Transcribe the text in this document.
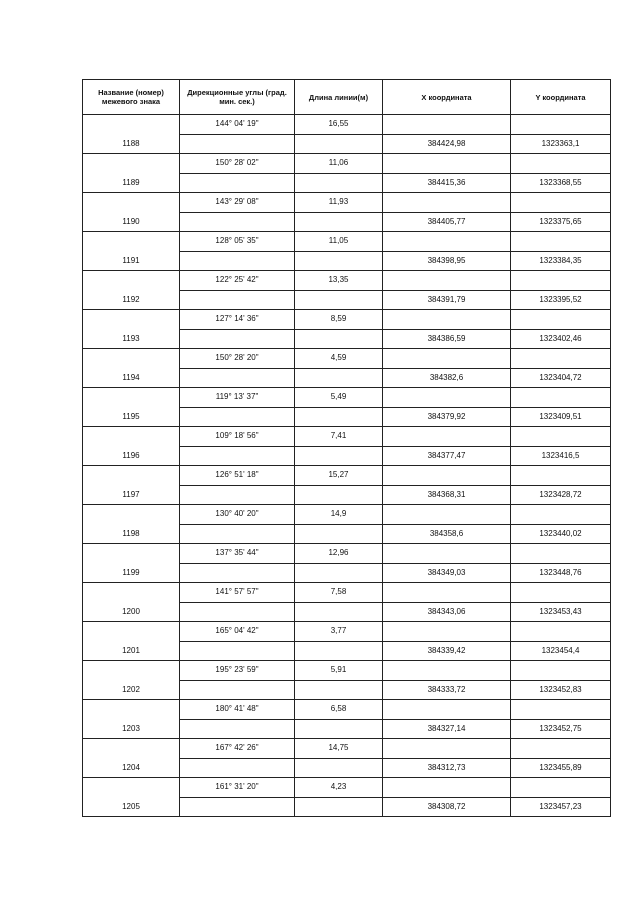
Название (номер) межевого знака	Дирекционные углы (град. мин. сек.)	Длина линии(м)	Х координата	Y координата
	144° 04' 19"	16,55		
1188			384424,98	1323363,1
	150° 28' 02"	11,06		
1189			384415,36	1323368,55
	143° 29' 08"	11,93		
1190			384405,77	1323375,65
	128° 05' 35"	11,05		
1191			384398,95	1323384,35
	122° 25' 42"	13,35		
1192			384391,79	1323395,52
	127° 14' 36"	8,59		
1193			384386,59	1323402,46
	150° 28' 20"	4,59		
1194			384382,6	1323404,72
	119° 13' 37"	5,49		
1195			384379,92	1323409,51
	109° 18' 56"	7,41		
1196			384377,47	1323416,5
	126° 51' 18"	15,27		
1197			384368,31	1323428,72
	130° 40' 20"	14,9		
1198			384358,6	1323440,02
	137° 35' 44"	12,96		
1199			384349,03	1323448,76
	141° 57' 57"	7,58		
1200			384343,06	1323453,43
	165° 04' 42"	3,77		
1201			384339,42	1323454,4
	195° 23' 59"	5,91		
1202			384333,72	1323452,83
	180° 41' 48"	6,58		
1203			384327,14	1323452,75
	167° 42' 26"	14,75		
1204			384312,73	1323455,89
	161° 31' 20"	4,23		
1205			384308,72	1323457,23
